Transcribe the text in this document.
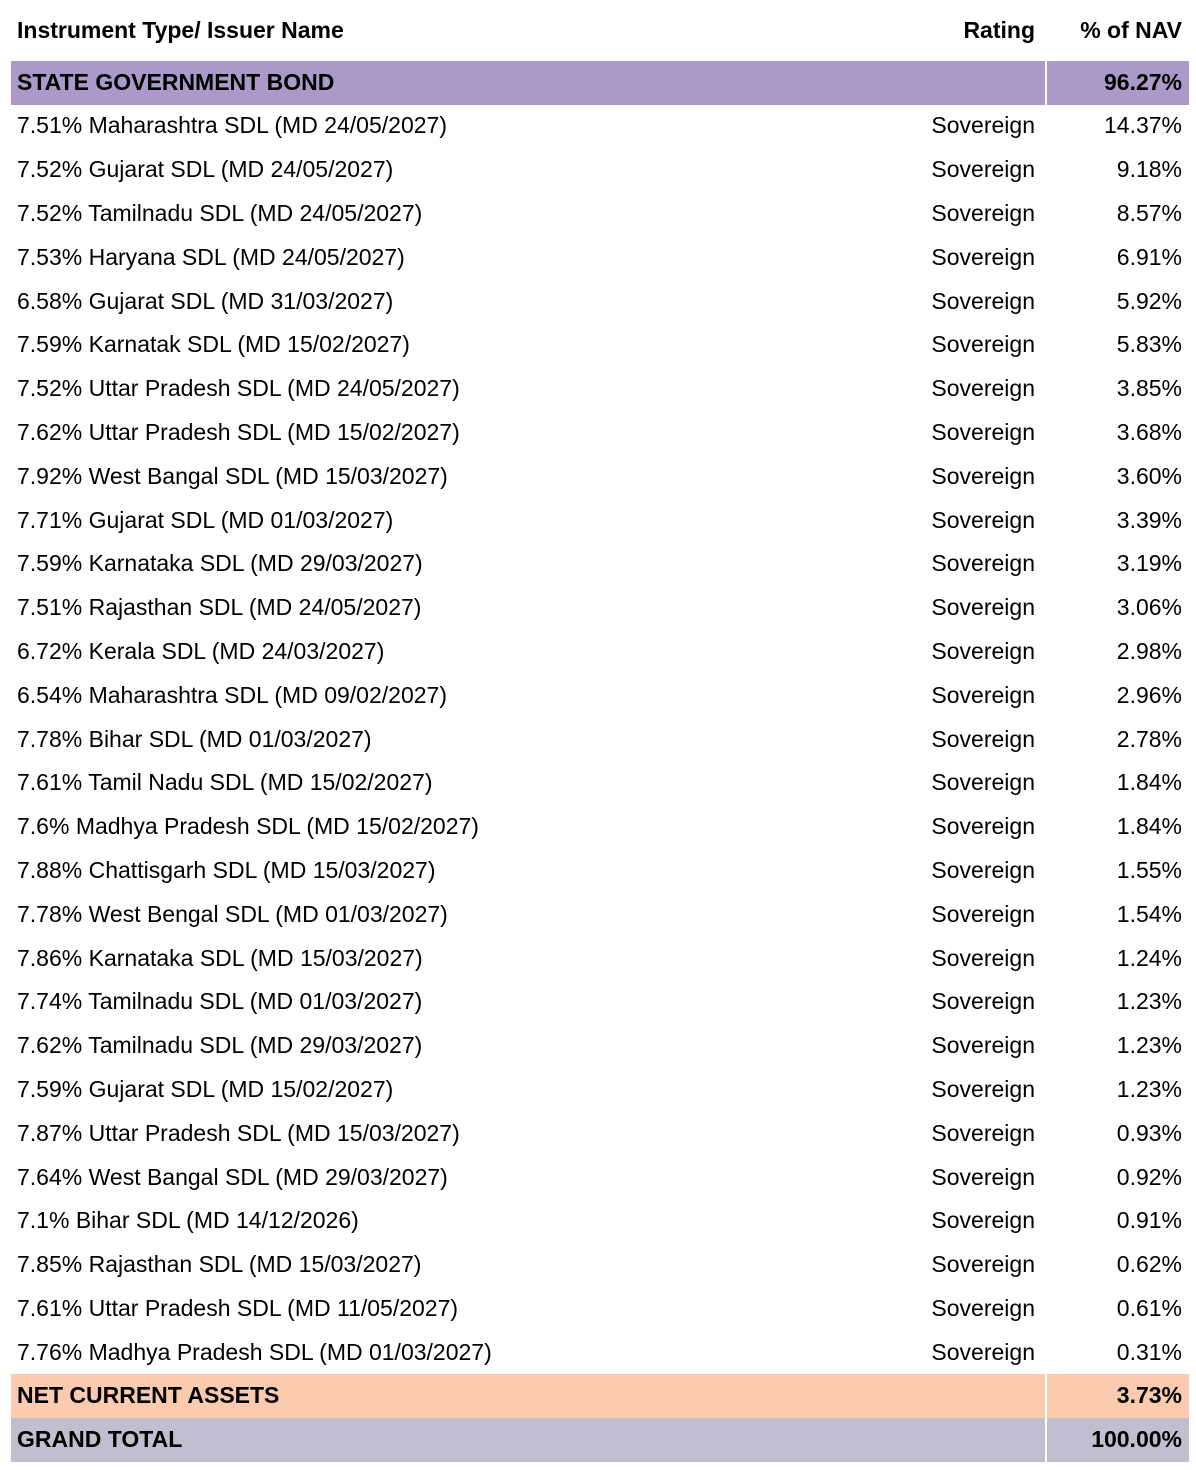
Instrument Type/ Issuer Name	Rating	% of NAV
STATE GOVERNMENT BOND	96.27%
7.51% Maharashtra SDL (MD 24/05/2027)	Sovereign	14.37%
7.52% Gujarat SDL (MD 24/05/2027)	Sovereign	9.18%
7.52% Tamilnadu SDL (MD 24/05/2027)	Sovereign	8.57%
7.53% Haryana SDL (MD 24/05/2027)	Sovereign	6.91%
6.58% Gujarat SDL (MD 31/03/2027)	Sovereign	5.92%
7.59% Karnatak SDL (MD 15/02/2027)	Sovereign	5.83%
7.52% Uttar Pradesh SDL (MD 24/05/2027)	Sovereign	3.85%
7.62% Uttar Pradesh SDL (MD 15/02/2027)	Sovereign	3.68%
7.92% West Bangal SDL (MD 15/03/2027)	Sovereign	3.60%
7.71% Gujarat SDL (MD 01/03/2027)	Sovereign	3.39%
7.59% Karnataka SDL (MD 29/03/2027)	Sovereign	3.19%
7.51% Rajasthan SDL (MD 24/05/2027)	Sovereign	3.06%
6.72% Kerala SDL (MD 24/03/2027)	Sovereign	2.98%
6.54% Maharashtra SDL (MD 09/02/2027)	Sovereign	2.96%
7.78% Bihar SDL (MD 01/03/2027)	Sovereign	2.78%
7.61% Tamil Nadu SDL (MD 15/02/2027)	Sovereign	1.84%
7.6% Madhya Pradesh SDL (MD 15/02/2027)	Sovereign	1.84%
7.88% Chattisgarh SDL (MD 15/03/2027)	Sovereign	1.55%
7.78% West Bengal SDL (MD 01/03/2027)	Sovereign	1.54%
7.86% Karnataka SDL (MD 15/03/2027)	Sovereign	1.24%
7.74% Tamilnadu SDL (MD 01/03/2027)	Sovereign	1.23%
7.62% Tamilnadu SDL (MD 29/03/2027)	Sovereign	1.23%
7.59% Gujarat SDL (MD 15/02/2027)	Sovereign	1.23%
7.87% Uttar Pradesh SDL (MD 15/03/2027)	Sovereign	0.93%
7.64% West Bangal SDL (MD 29/03/2027)	Sovereign	0.92%
7.1% Bihar SDL (MD 14/12/2026)	Sovereign	0.91%
7.85% Rajasthan SDL (MD 15/03/2027)	Sovereign	0.62%
7.61% Uttar Pradesh SDL (MD 11/05/2027)	Sovereign	0.61%
7.76% Madhya Pradesh SDL (MD 01/03/2027)	Sovereign	0.31%
NET CURRENT ASSETS	3.73%
GRAND TOTAL	100.00%
